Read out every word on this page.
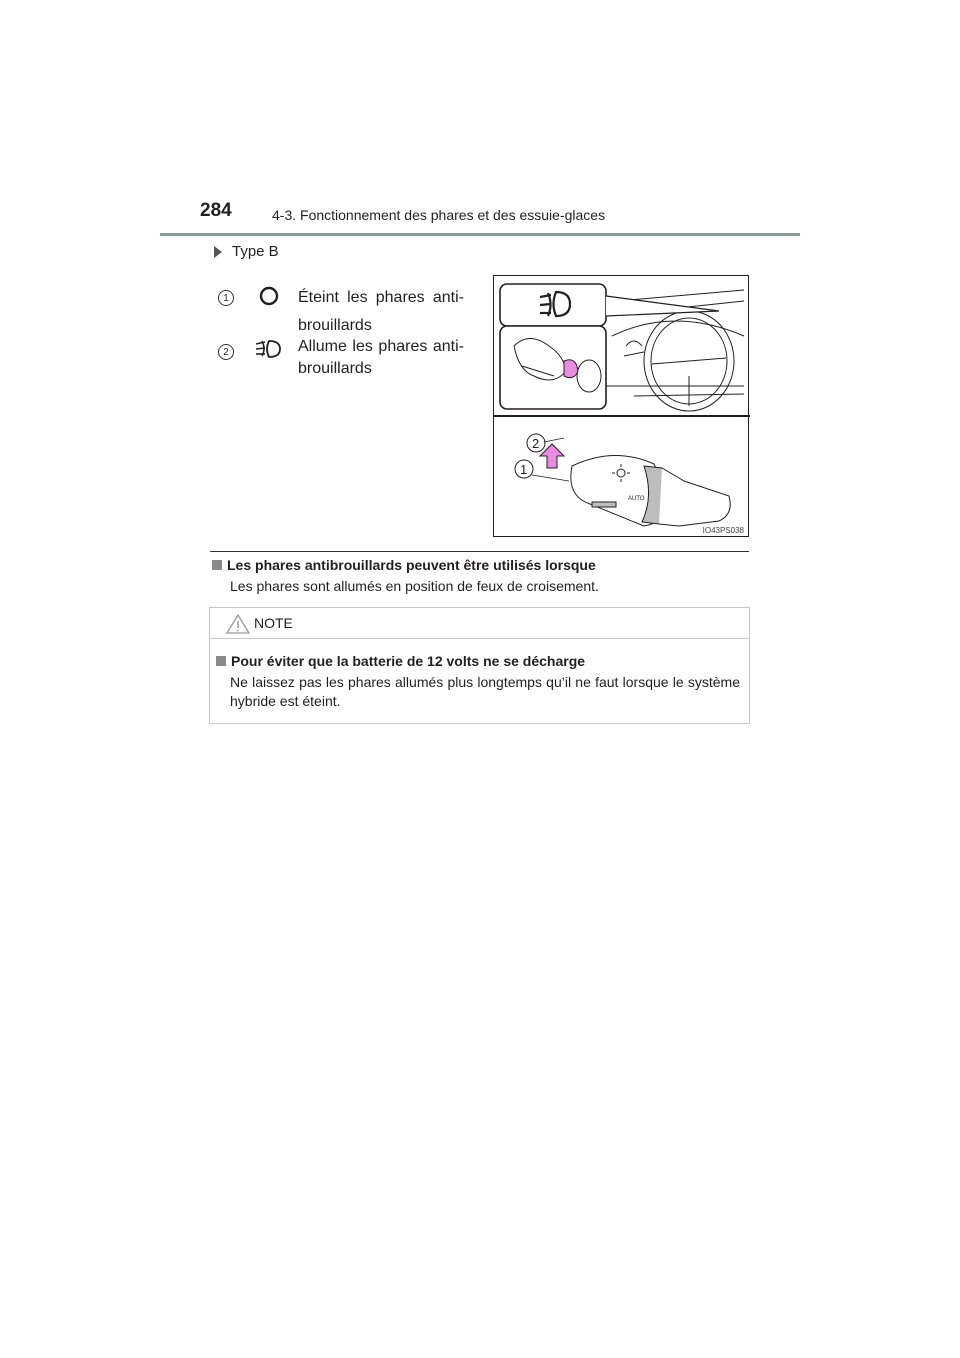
284	4-3. Fonctionnement des phares et des essuie-glaces
Type B
1	Éteint les phares anti-brouillards
2	Allume les phares anti-brouillards
AUTO
2
1
IO43PS038
Les phares antibrouillards peuvent être utilisés lorsque
Les phares sont allumés en position de feux de croisement.
NOTE
Pour éviter que la batterie de 12 volts ne se décharge
Ne laissez pas les phares allumés plus longtemps qu’il ne faut lorsque le système hybride est éteint.
